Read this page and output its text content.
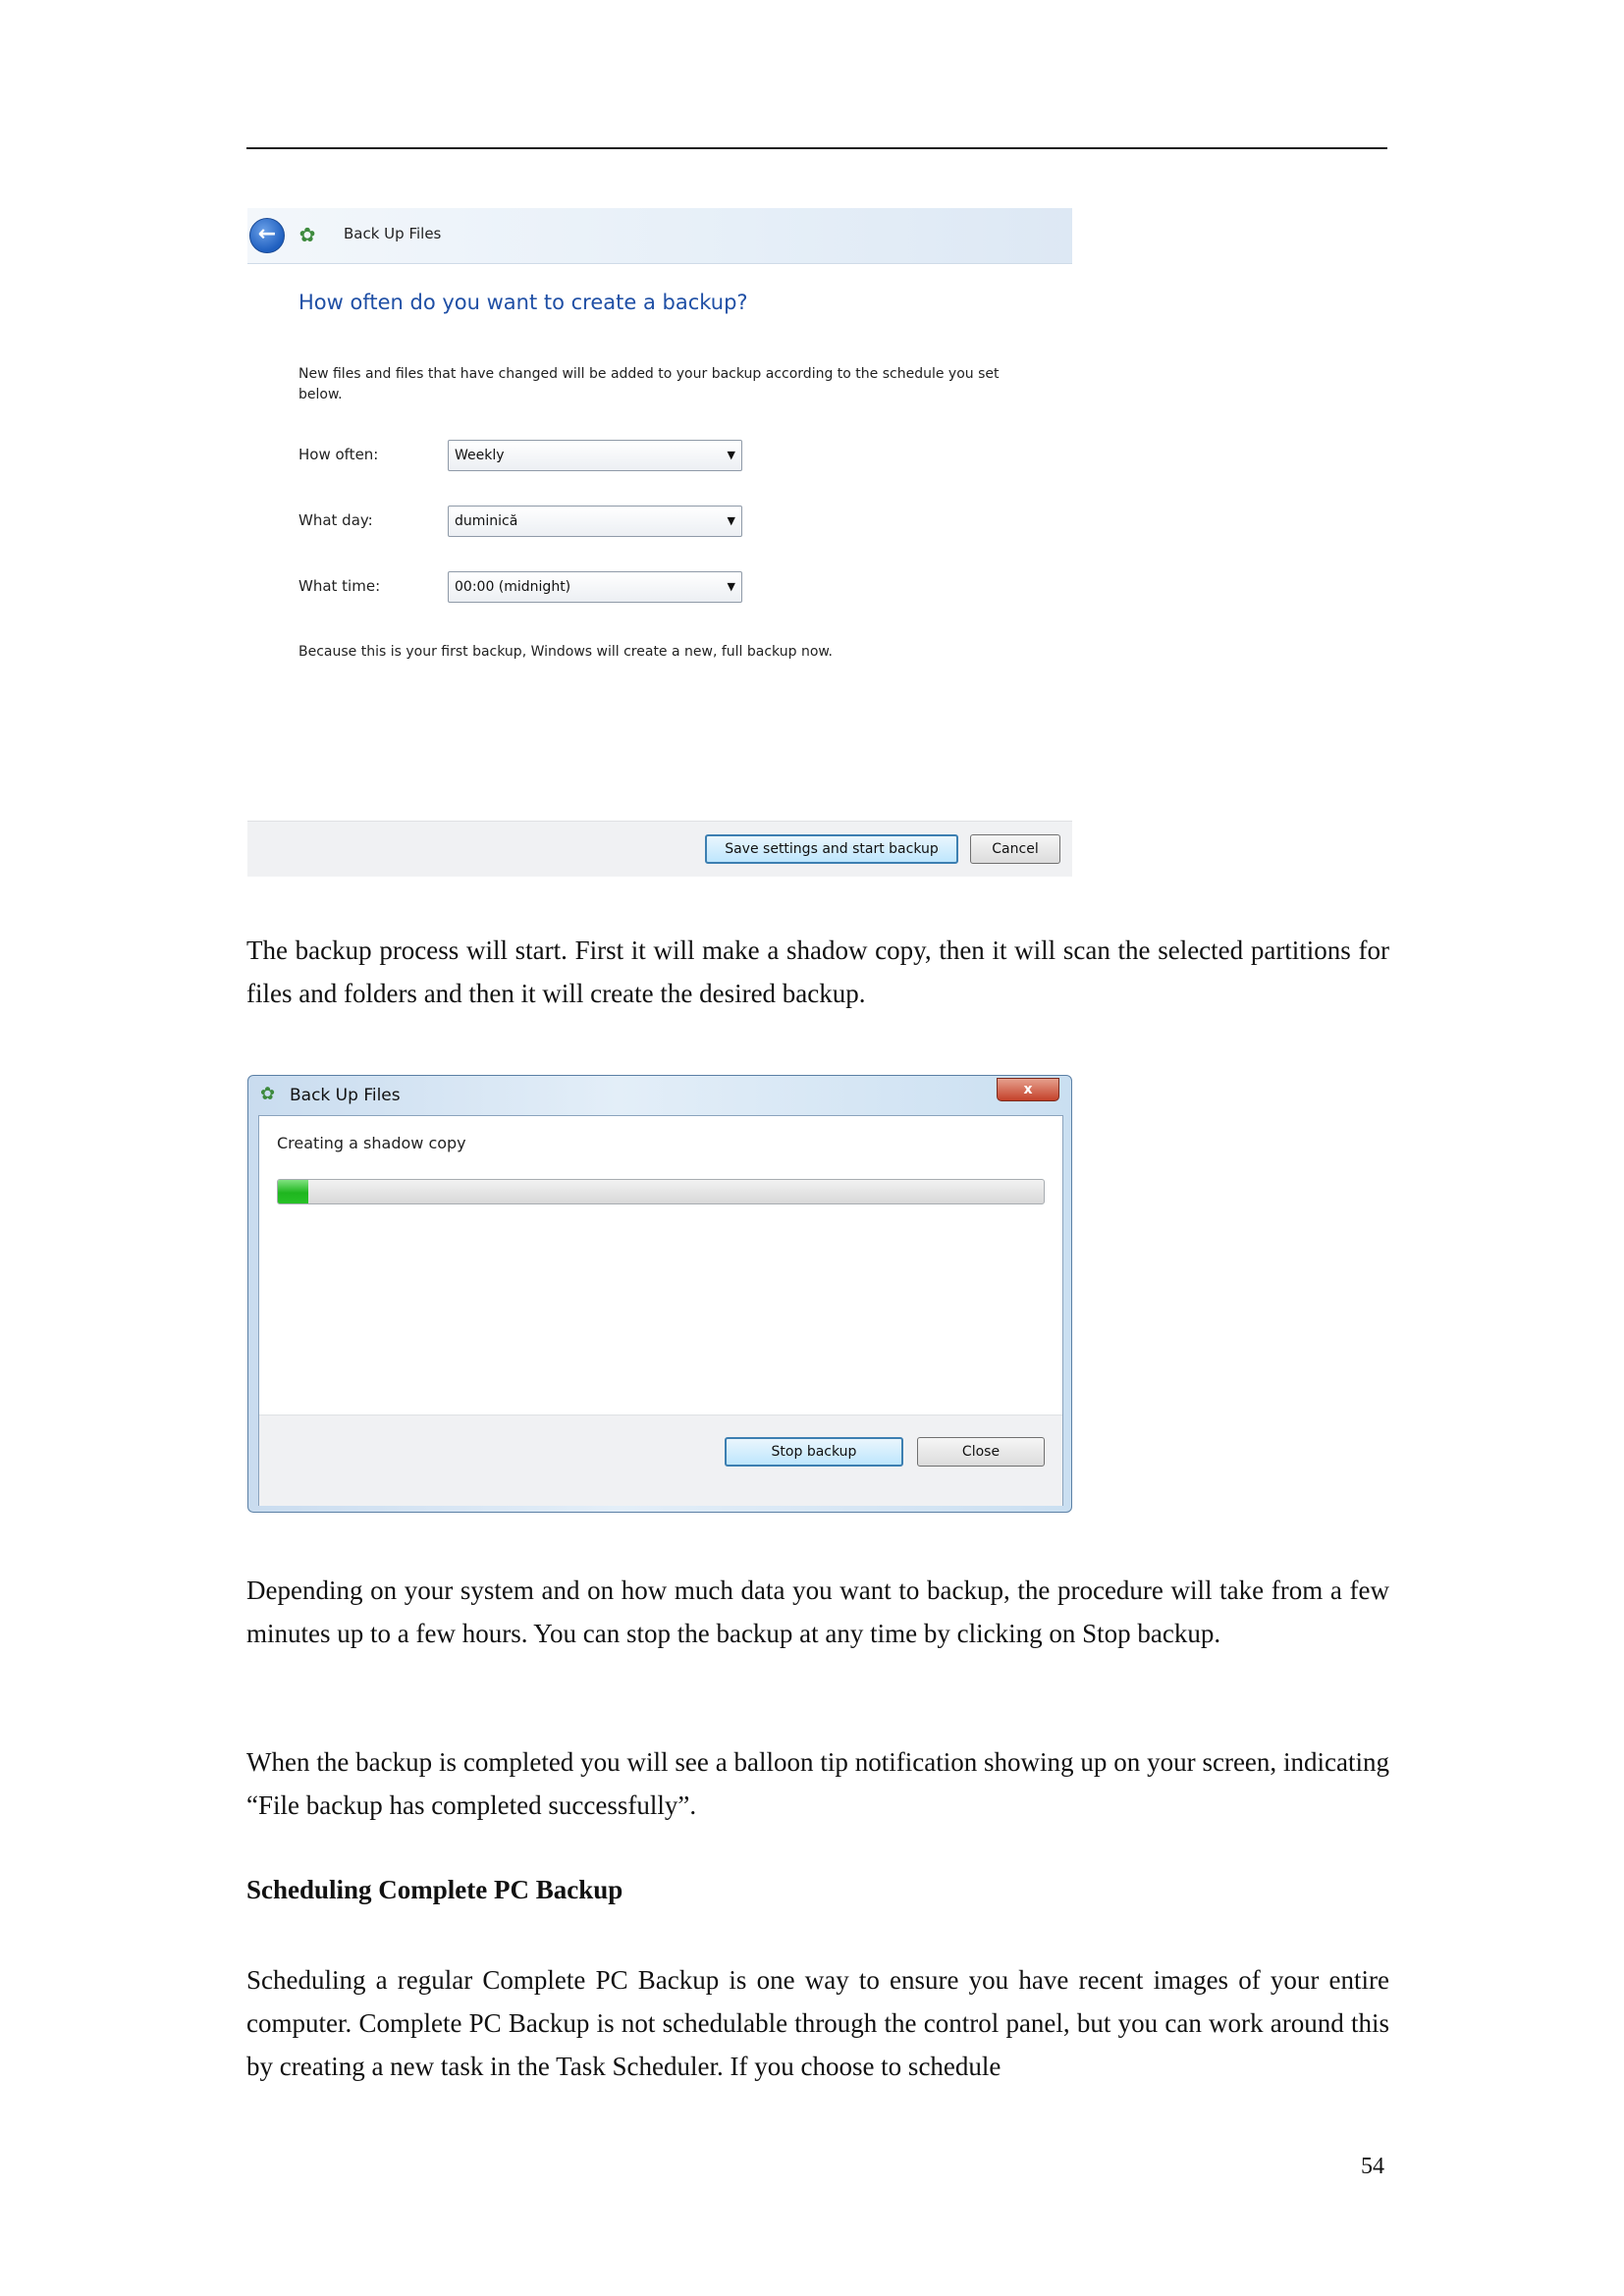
←	✿	Back Up Files
How often do you want to create a backup?
New files and files that have changed will be added to your backup according to the schedule you set below.
How often:	Weekly	▼
What day:	duminică	▼
What time:	00:00 (midnight)	▼
Because this is your first backup, Windows will create a new, full backup now.
Save settings and start backup	Cancel
The backup process will start. First it will make a shadow copy, then it will scan the selected partitions for files and folders and then it will create the desired backup.
✿ Back Up Files	x
Creating a shadow copy
Stop backup	Close
Depending on your system and on how much data you want to backup, the procedure will take from a few minutes up to a few hours. You can stop the backup at any time by clicking on Stop backup.
When the backup is completed you will see a balloon tip notification showing up on your screen, indicating “File backup has completed successfully”.
Scheduling Complete PC Backup
Scheduling a regular Complete PC Backup is one way to ensure you have recent images of your entire computer. Complete PC Backup is not schedulable through the control panel, but you can work around this by creating a new task in the Task Scheduler. If you choose to schedule
54
